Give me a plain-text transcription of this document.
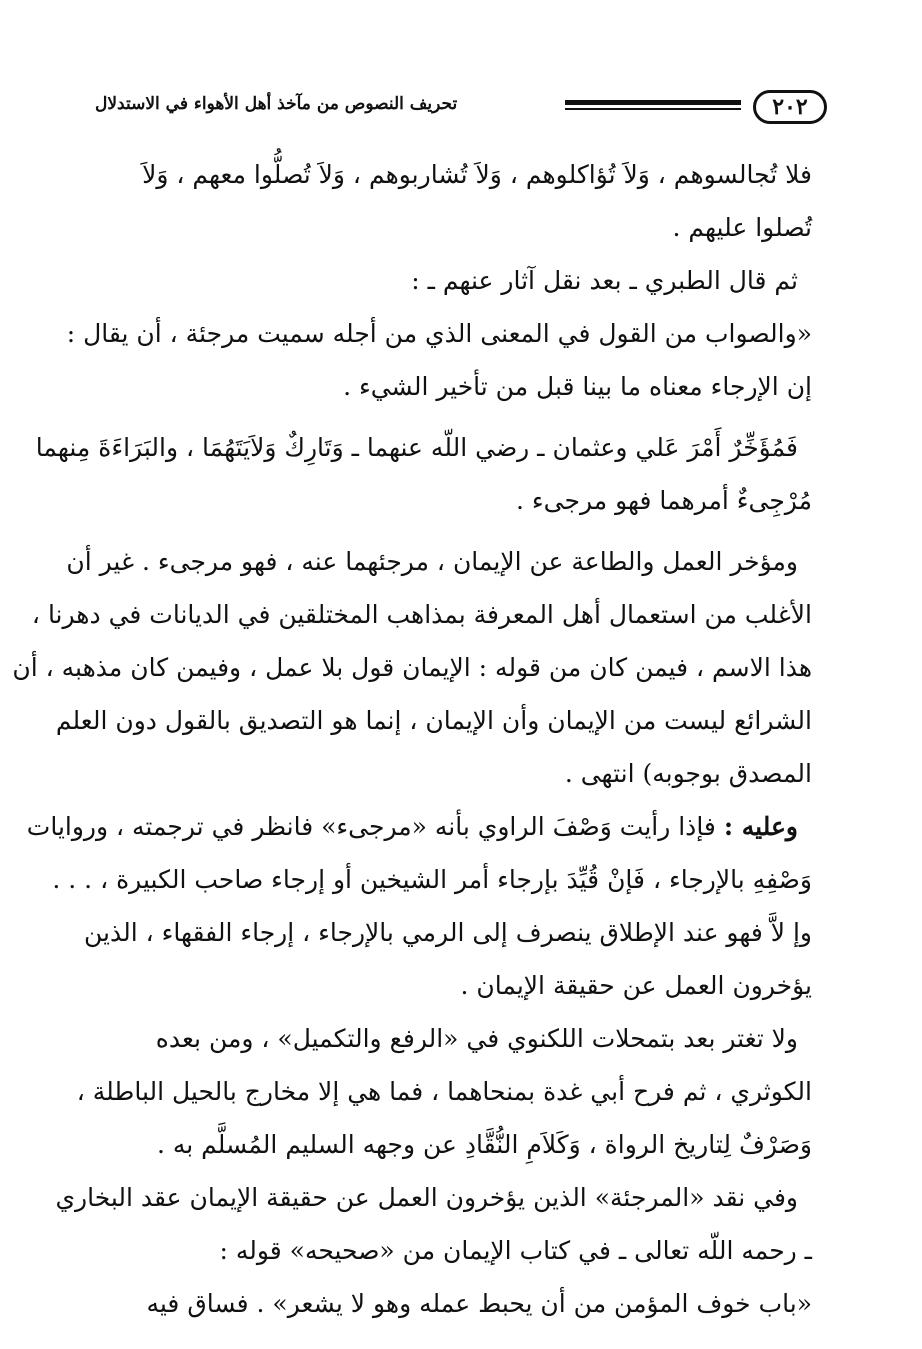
٢٠٢
تحريف النصوص من مآخذ أهل الأهواء في الاستدلال
فلا تُجالسوهم ، وَلاَ تُؤاكلوهم ، وَلاَ تُشاربوهم ، وَلاَ تُصلُّوا معهم ، وَلاَ
تُصلوا عليهم .
ثم قال الطبري ـ بعد نقل آثار عنهم ـ :
«والصواب من القول في المعنى الذي من أجله سميت مرجئة ، أن يقال :
إن الإرجاء معناه ما بينا قبل من تأخير الشيء .
فَمُؤَخِّرٌ أَمْرَ عَلي وعثمان ـ رضي اللّه عنهما ـ وَتَارِكٌ وَلاَيَتَهُمَا ، والبَرَاءَةَ مِنهما
مُرْجِىءٌ أمرهما فهو مرجىء .
ومؤخر العمل والطاعة عن الإيمان ، مرجئهما عنه ، فهو مرجىء . غير أن
الأغلب من استعمال أهل المعرفة بمذاهب المختلقين في الديانات في دهرنا ،
هذا الاسم ، فيمن كان من قوله : الإيمان قول بلا عمل ، وفيمن كان مذهبه ، أن
الشرائع ليست من الإيمان وأن الإيمان ، إنما هو التصديق بالقول دون العلم
المصدق بوجوبه) انتهى .
وعليه : فإذا رأيت وَصْفَ الراوي بأنه «مرجىء» فانظر في ترجمته ، وروايات
وَصْفِهِ بالإرجاء ، فَإنْ قُيِّدَ بإرجاء أمر الشيخين أو إرجاء صاحب الكبيرة ، . . .
وإ لاَّ فهو عند الإطلاق ينصرف إلى الرمي بالإرجاء ، إرجاء الفقهاء ، الذين
يؤخرون العمل عن حقيقة الإيمان .
ولا تغتر بعد بتمحلات اللكنوي في «الرفع والتكميل» ، ومن بعده
الكوثري ، ثم فرح أبي غدة بمنحاهما ، فما هي إلا مخارج بالحيل الباطلة ،
وَصَرْفٌ لِتاريخ الرواة ، وَكَلاَمِ النُّقَّادِ عن وجهه السليم المُسلَّم به .
وفي نقد «المرجئة» الذين يؤخرون العمل عن حقيقة الإيمان عقد البخاري
ـ رحمه اللّه تعالى ـ في كتاب الإيمان من «صحيحه» قوله :
«باب خوف المؤمن من أن يحبط عمله وهو لا يشعر» . فساق فيه
